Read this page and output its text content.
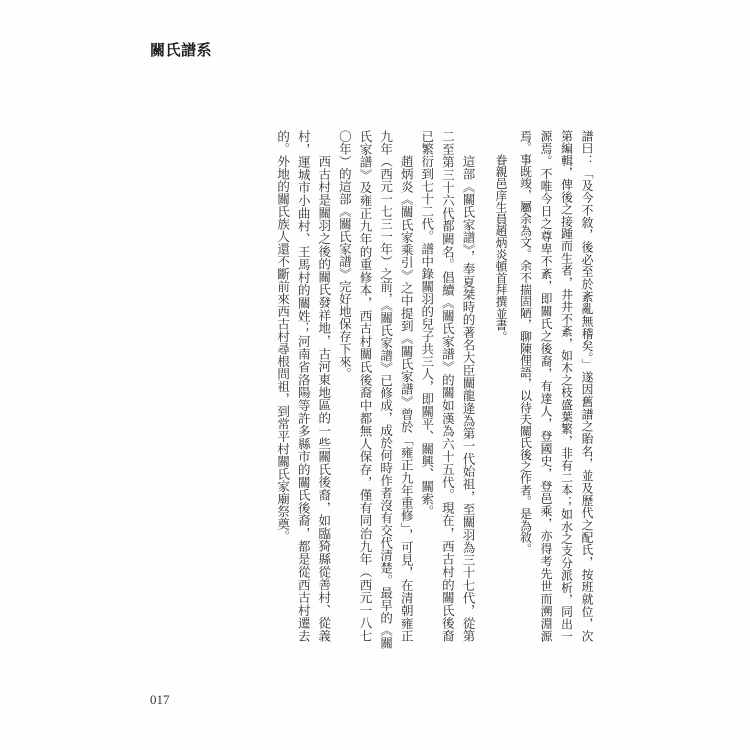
關氏譜系
譜曰：「及今不敘，後必至於紊亂無稽矣。」遂因舊譜之貽名，並及歷代之配氏，按班就位，次
第編輯，俾後之接踵而生者，井井不紊，如木之枝盛葉繁，非有二本；如水之支分派析，同出一
源焉。不唯今日之尊卑不紊，即關氏之後裔，有達人，登國史，登邑乘，亦得考先世而溯淵源
焉。事既竣，屬余為文。余不揣固陋，聊陳俚語，以待夫關氏後之作者。是為敘。
眷親邑庠生員趙炳炎頓首拜撰並書。
這部《關氏家譜》，奉夏桀時的著名大臣關龍逄為第一代始祖，至關羽為三十七代，從第
二至第三十六代都闕名。倡續《關氏家譜》的關如漢為六十五代。現在，西古村的關氏後裔
已繁衍到七十二代。譜中錄關羽的兒子共三人，即關平、關興、關索。
趙炳炎《關氏家乘引》之中提到《關氏家譜》曾於「雍正九年重修」，可見，在清朝雍正
九年（西元一七三一年）之前，《關氏家譜》已修成，成於何時作者沒有交代清楚。最早的《關
氏家譜》及雍正九年的重修本，西古村關氏後裔中都無人保存，僅有同治九年（西元一八七
〇年）的這部《關氏家譜》完好地保存下來。
西古村是關羽之後的關氏發祥地，古河東地區的一些關氏後裔，如臨猗縣從善村、從義
村，運城市小曲村、王馬村的關姓；河南省洛陽等許多縣市的關氏後裔，都是從西古村遷去
的。外地的關氏族人還不斷前來西古村尋根問祖，到常平村關氏家廟祭奠。
017
